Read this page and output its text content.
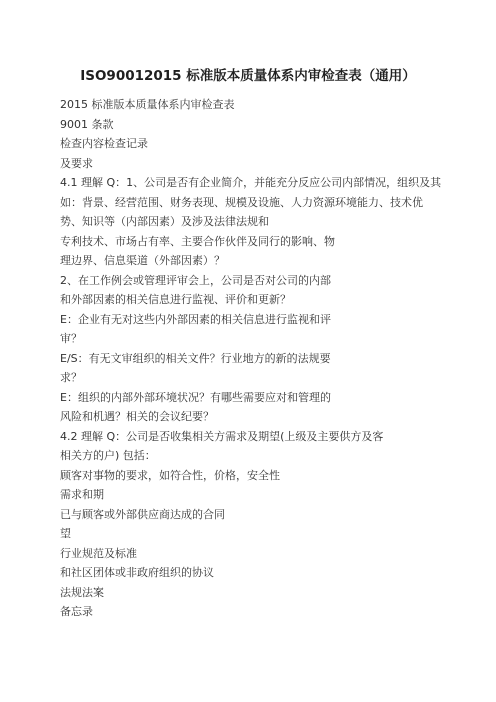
ISO90012015 标准版本质量体系内审检查表（通用）
2015 标准版本质量体系内审检查表
9001 条款
检查内容检查记录
及要求
4.1 理解 Q：1、公司是否有企业简介，并能充分反应公司内部情况，组织及其如：背景、经营范围、财务表现、规模及设施、人力资源环境能力、技术优势、知识等（内部因素）及涉及法律法规和
专利技术、市场占有率、主要合作伙伴及同行的影响、物
理边界、信息渠道（外部因素）？
2、在工作例会或管理评审会上，公司是否对公司的内部
和外部因素的相关信息进行监视、评价和更新？
E：企业有无对这些内外部因素的相关信息进行监视和评
审？
E/S：有无文审组织的相关文件？行业地方的新的法规要
求？
E：组织的内部外部环境状况？有哪些需要应对和管理的
风险和机遇？相关的会议纪要？
4.2 理解 Q：公司是否收集相关方需求及期望(上级及主要供方及客
相关方的户) 包括：
顾客对事物的要求，如符合性，价格，安全性
需求和期
已与顾客或外部供应商达成的合同
望
行业规范及标准
和社区团体或非政府组织的协议
法规法案
备忘录
